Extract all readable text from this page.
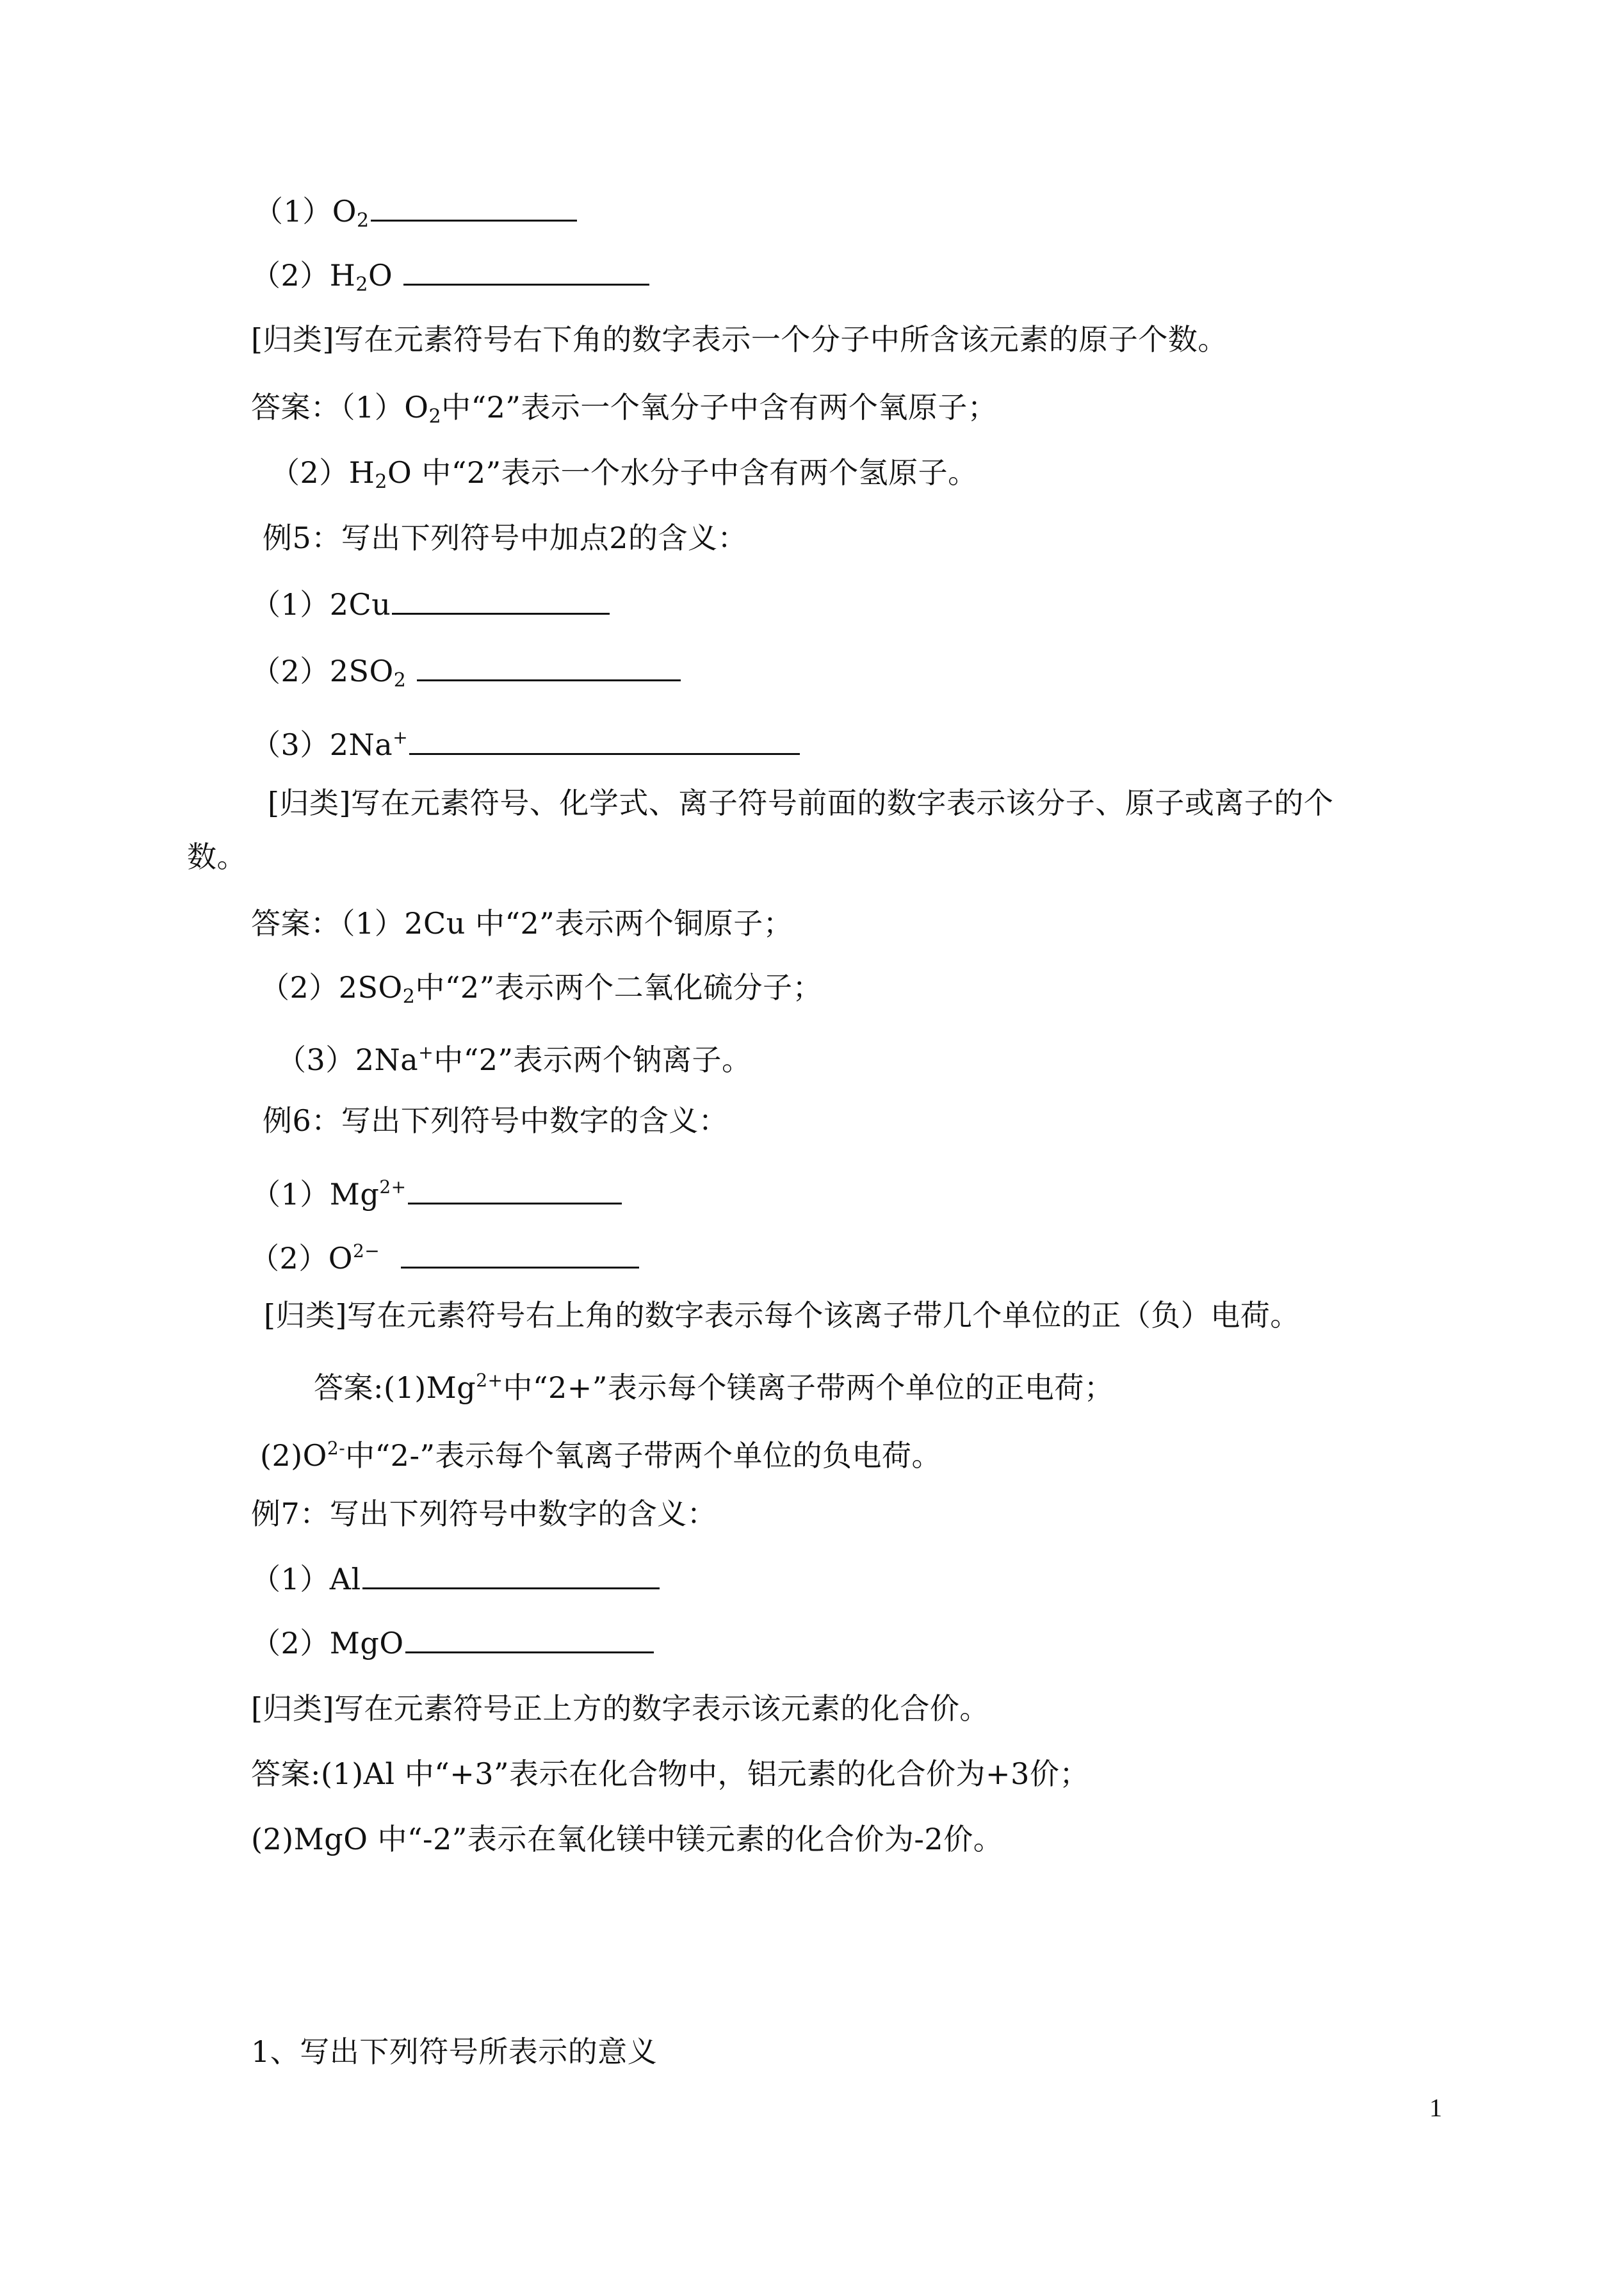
$(1)O_2$
$(2)H_2O$
[归类]写在元素符号右下角的数字表示一个分子中所含该元素的原子个数。
答案：$(1)O_2$中“2”表示一个氧分子中含有两个氧原子；
$(2)H_2O$ 中“2”表示一个水分子中含有两个氢原子。
例5：写出下列符号中加点2的含义：
（1）2Cu
$(2)2SO_2$
（3）2Na+
[归类]写在元素符号、化学式、离子符号前面的数字表示该分子、原子或离子的个
数。
答案：（1）2Cu 中“2”表示两个铜原子；
$(2)2SO_2$中“2”表示两个二氧化硫分子；
（3）2Na+中“2”表示两个钠离子。
例6：写出下列符号中数字的含义：
$(1)Mg^{2+}$
$(2)O^{2-}$
[归类]写在元素符号右上角的数字表示每个该离子带几个单位的正（负）电荷。
答案$:(1)Mg^{2+}$中“2+”表示每个镁离子带两个单位的正电荷；
$(2)O^{2-}$中“2-”表示每个氧离子带两个单位的负电荷。
例7：写出下列符号中数字的含义：
（1）Al
（2）MgO
[归类]写在元素符号正上方的数字表示该元素的化合价。
答案:(1)Al 中“+3”表示在化合物中，铝元素的化合价为+3价；
(2)MgO 中“-2”表示在氧化镁中镁元素的化合价为-2价。
1、写出下列符号所表示的意义
1
